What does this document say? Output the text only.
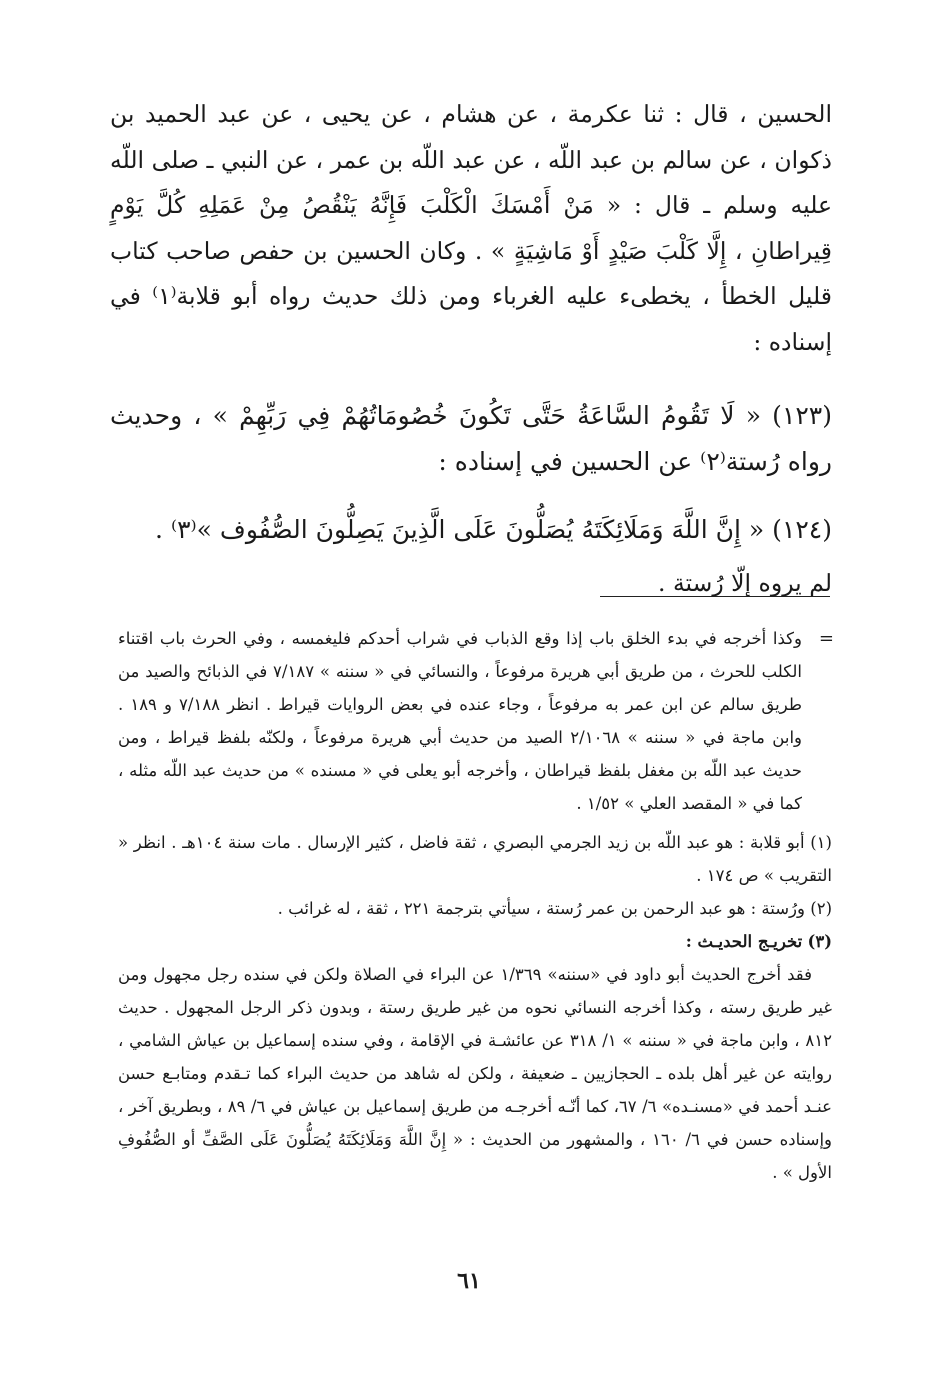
الحسين ، قال : ثنا عكرمة ، عن هشام ، عن يحيى ، عن عبد الحميد بن ذكوان ، عن سالم بن عبد اللّه ، عن عبد اللّه بن عمر ، عن النبي ـ صلى اللّه عليه وسلم ـ قال : « مَنْ أَمْسَكَ الْكَلْبَ فَإِنَّهُ يَنْقُصُ مِنْ عَمَلِهِ كُلَّ يَوْمٍ قِيراطانِ ، إِلَّا كَلْبَ صَيْدٍ أَوْ مَاشِيَةٍ » . وكان الحسين بن حفص صاحب كتاب قليل الخطأ ، يخطىء عليه الغرباء ومن ذلك حديث رواه أبو قلابة⁽١⁾ في إسناده :

(١٢٣) « لَا تَقُومُ السَّاعَةُ حَتَّى تَكُونَ خُصُومَاتُهُمْ فِي رَبِّهِمْ » ، وحديث رواه رُستة⁽٢⁾ عن الحسين في إسناده :

(١٢٤) « إِنَّ اللَّهَ وَمَلَائِكَتَهُ يُصَلُّونَ عَلَى الَّذِينَ يَصِلُّونَ الصُّفُوف »⁽٣⁾ .

لم يروه إلّا رُستة .

=

وكذا أخرجه في بدء الخلق باب إذا وقع الذباب في شراب أحدكم فليغمسه ، وفي الحرث باب اقتناء الكلب للحرث ، من طريق أبي هريرة مرفوعاً ، والنسائي في « سننه » ٧/١٨٧ في الذبائح والصيد من طريق سالم عن ابن عمر به مرفوعاً ، وجاء عنده في بعض الروايات قيراط . انظر ٧/١٨٨ و ١٨٩ . وابن ماجة في « سننه » ٢/١٠٦٨ الصيد من حديث أبي هريرة مرفوعاً ، ولكنّه بلفظ قيراط ، ومن حديث عبد اللّه بن مغفل بلفظ قيراطان ، وأخرجه أبو يعلى في « مسنده » من حديث عبد اللّه مثله ، كما في « المقصد العلي » ١/٥٢ .

(١) أبو قلابة : هو عبد اللّه بن زيد الجرمي البصري ، ثقة فاضل ، كثير الإرسال . مات سنة ١٠٤هـ . انظر « التقريب » ص ١٧٤ .

(٢) ورُستة : هو عبد الرحمن بن عمر رُستة ، سيأتي بترجمة ٢٢١ ، ثقة ، له غرائب .

(٣) تخريـج الحديـث :

فقد أخرج الحديث أبو داود في «سننه» ١/٣٦٩ عن البراء في الصلاة ولكن في سنده رجل مجهول ومن غير طريق رسته ، وكذا أخرجه النسائي نحوه من غير طريق رستة ، وبدون ذكر الرجل المجهول . حديث ٨١٢ ، وابن ماجة في « سننه » ١/ ٣١٨ عن عائشـة في الإقامة ، وفي سنده إسماعيل بن عياش الشامي ، روايته عن غير أهل بلده ـ الحجازيين ـ ضعيفة ، ولكن له شاهد من حديث البراء كما تـقدم ومتابـع حسن عنـد أحمد في «مسنـده» ٦/ ٦٧، كما أنّـه أخرجـه من طريق إسماعيل بن عياش في ٦/ ٨٩ ، وبطريق آخر ، وإسناده حسن في ٦/ ١٦٠ ، والمشهور من الحديث : « إِنَّ اللَّهَ وَمَلَائِكَتَهُ يُصَلُّونَ عَلَى الصَّفِّ أو الصُّفُوفِ الأول » .

٦١
